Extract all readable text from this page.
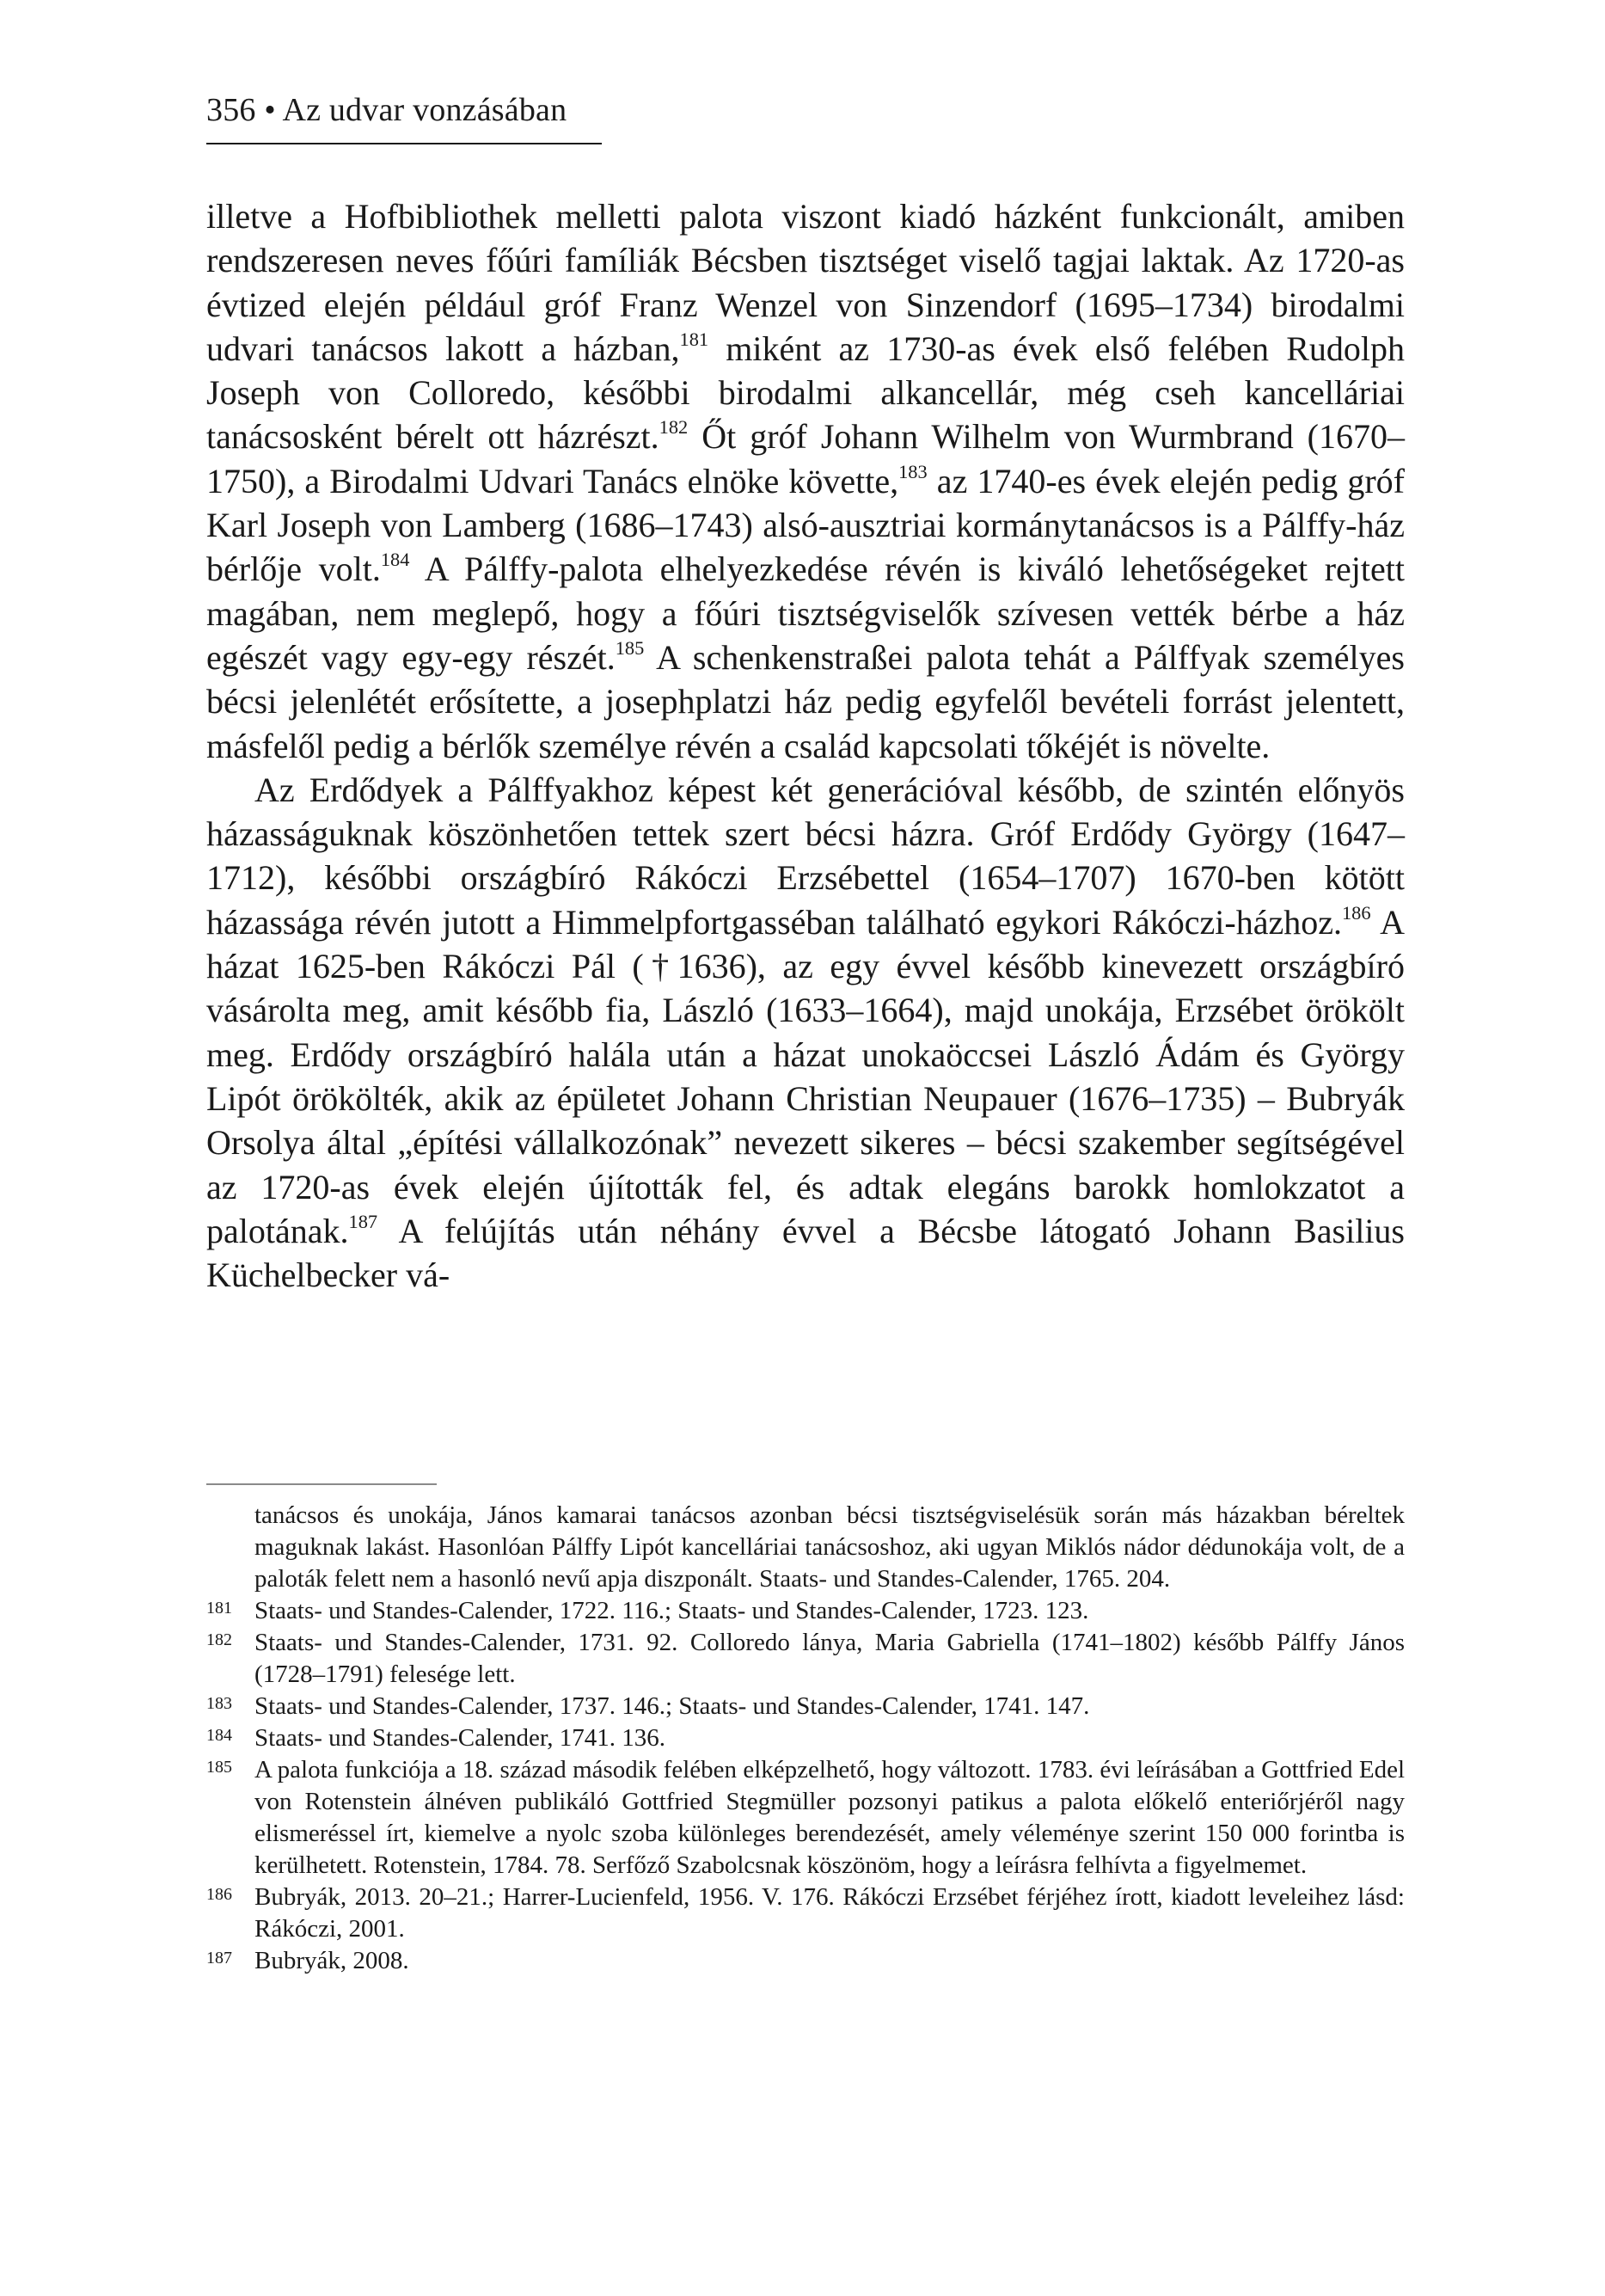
356 • Az udvar vonzásában

illetve a Hofbibliothek melletti palota viszont kiadó házként funkcionált, amiben rendszeresen neves főúri famíliák Bécsben tisztséget viselő tagjai laktak. Az 1720-as évtized elején például gróf Franz Wenzel von Sinzendorf (1695–1734) birodalmi udvari tanácsos lakott a házban,$^{181}$ miként az 1730-as évek első felében Rudolph Joseph von Colloredo, későbbi birodalmi alkancellár, még cseh kancelláriai tanácsosként bérelt ott házrészt.$^{182}$ Őt gróf Johann Wilhelm von Wurmbrand (1670–1750), a Birodalmi Udvari Tanács elnöke követte,$^{183}$ az 1740-es évek elején pedig gróf Karl Joseph von Lamberg (1686–1743) alsó-ausztriai kormánytanácsos is a Pálffy-ház bérlője volt.$^{184}$ A Pálffy-palota elhelyezkedése révén is kiváló lehetőségeket rejtett magában, nem meglepő, hogy a főúri tisztségviselők szívesen vették bérbe a ház egészét vagy egy-egy részét.$^{185}$ A schenkenstraßei palota tehát a Pálffyak személyes bécsi jelenlétét erősítette, a josephplatzi ház pedig egyfelől bevételi forrást jelentett, másfelől pedig a bérlők személye révén a család kapcsolati tőkéjét is növelte.

Az Erdődyek a Pálffyakhoz képest két generációval később, de szintén előnyös házasságuknak köszönhetően tettek szert bécsi házra. Gróf Erdődy György (1647–1712), későbbi országbíró Rákóczi Erzsébettel (1654–1707) 1670-ben kötött házassága révén jutott a Himmelpfortgasséban található egykori Rákóczi-házhoz.$^{186}$ A házat 1625-ben Rákóczi Pál (†1636), az egy évvel később kinevezett országbíró vásárolta meg, amit később fia, László (1633–1664), majd unokája, Erzsébet örökölt meg. Erdődy országbíró halála után a házat unokaöccsei László Ádám és György Lipót örökölték, akik az épületet Johann Christian Neupauer (1676–1735) – Bubryák Orsolya által „építési vállalkozónak” nevezett sikeres – bécsi szakember segítségével az 1720-as évek elején újították fel, és adtak elegáns barokk homlokzatot a palotának.$^{187}$ A felújítás után néhány évvel a Bécsbe látogató Johann Basilius Küchelbecker vá-

tanácsos és unokája, János kamarai tanácsos azonban bécsi tisztségviselésük során más házakban béreltek maguknak lakást. Hasonlóan Pálffy Lipót kancelláriai tanácsoshoz, aki ugyan Miklós nádor dédunokája volt, de a paloták felett nem a hasonló nevű apja diszponált. Staats- und Standes-Calender, 1765. 204.

181 Staats- und Standes-Calender, 1722. 116.; Staats- und Standes-Calender, 1723. 123.

182 Staats- und Standes-Calender, 1731. 92. Colloredo lánya, Maria Gabriella (1741–1802) később Pálffy János (1728–1791) felesége lett.

183 Staats- und Standes-Calender, 1737. 146.; Staats- und Standes-Calender, 1741. 147.

184 Staats- und Standes-Calender, 1741. 136.

185 A palota funkciója a 18. század második felében elképzelhető, hogy változott. 1783. évi leírásában a Gottfried Edel von Rotenstein álnéven publikáló Gottfried Stegmüller pozsonyi patikus a palota előkelő enteriőrjéről nagy elismeréssel írt, kiemelve a nyolc szoba különleges berendezését, amely véleménye szerint 150 000 forintba is kerülhetett. Rotenstein, 1784. 78. Serfőző Szabolcsnak köszönöm, hogy a leírásra felhívta a figyelmemet.

186 Bubryák, 2013. 20–21.; Harrer-Lucienfeld, 1956. V. 176. Rákóczi Erzsébet férjéhez írott, kiadott leveleihez lásd: Rákóczi, 2001.

187 Bubryák, 2008.
